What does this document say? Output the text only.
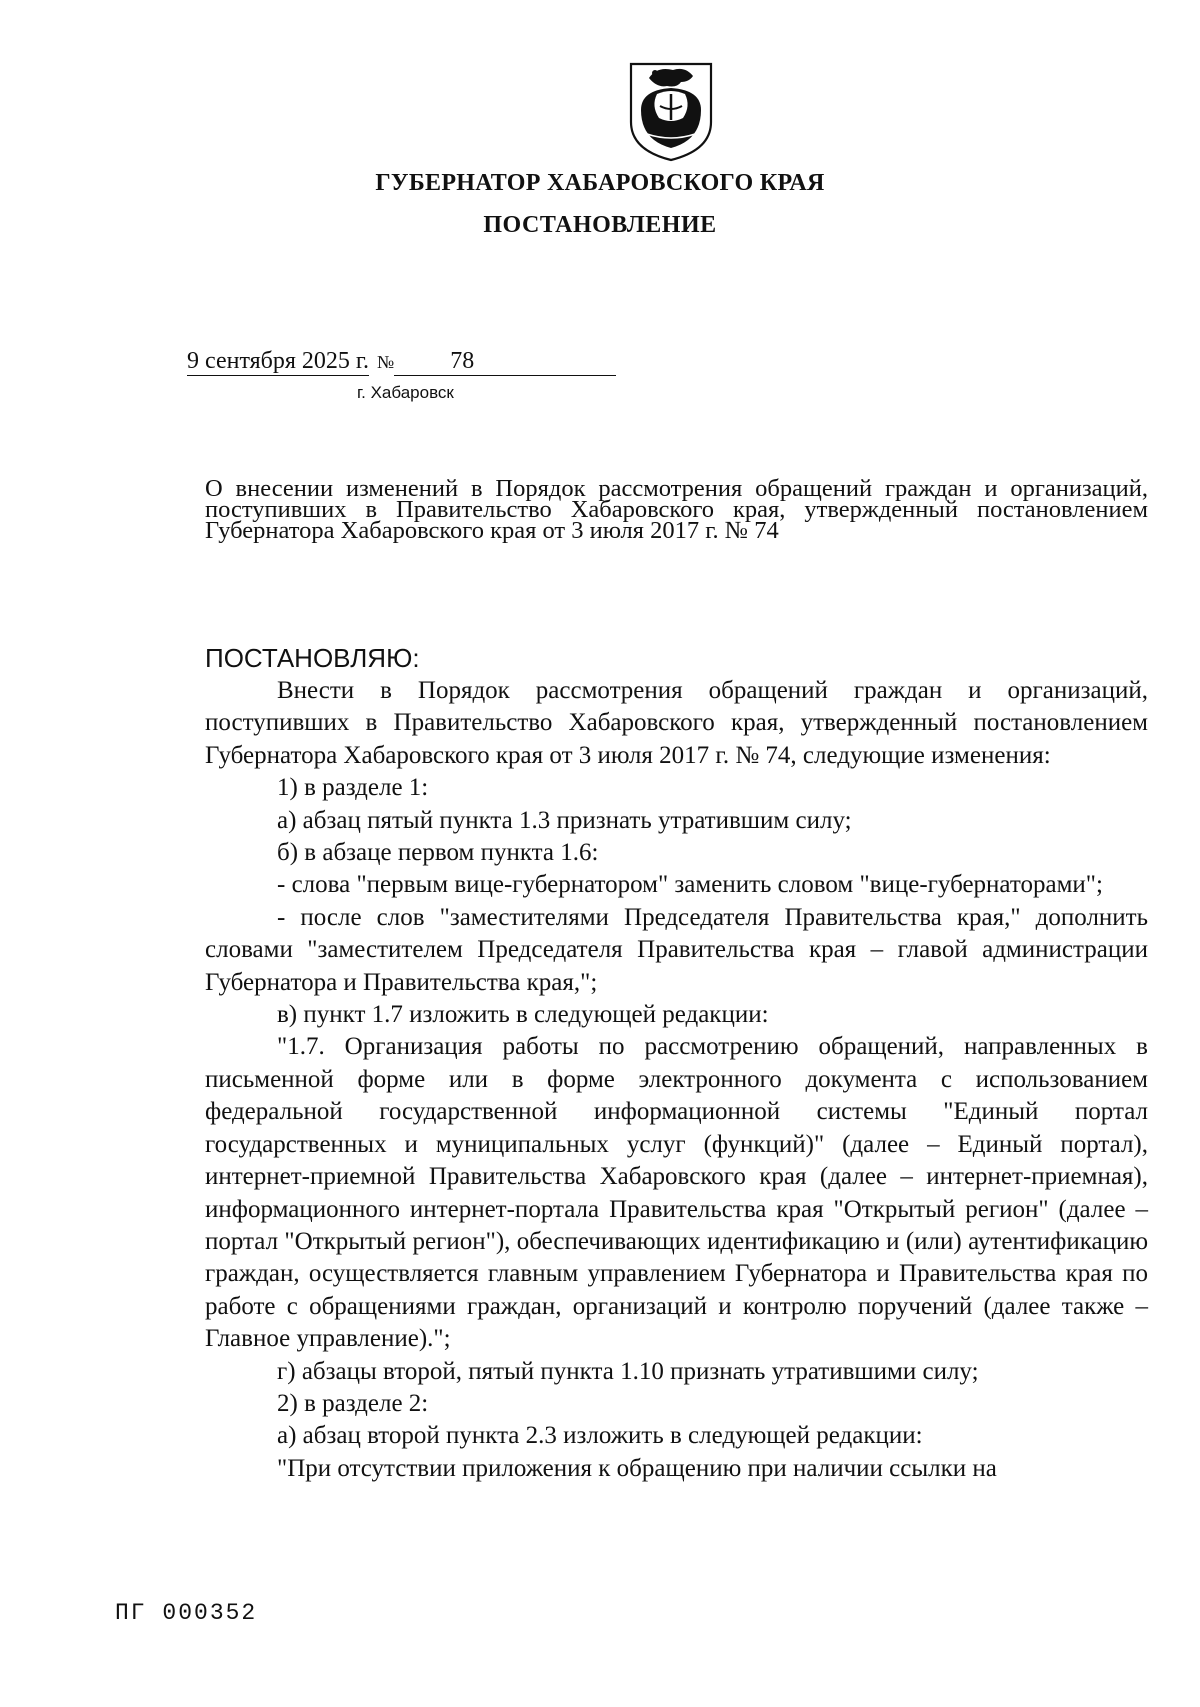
ГУБЕРНАТОР ХАБАРОВСКОГО КРАЯ
ПОСТАНОВЛЕНИЕ
9 сентября 2025 г. № 78
г. Хабаровск
О внесении изменений в Порядок рассмотрения обращений граждан и организаций, поступивших в Правительство Хабаровского края, утвержденный постановлением Губернатора Хабаровского края от 3 июля 2017 г. № 74
ПОСТАНОВЛЯЮ:

Внести в Порядок рассмотрения обращений граждан и организаций, поступивших в Правительство Хабаровского края, утвержденный постановлением Губернатора Хабаровского края от 3 июля 2017 г. № 74, следующие изменения:

1) в разделе 1:

а) абзац пятый пункта 1.3 признать утратившим силу;

б) в абзаце первом пункта 1.6:

- слова "первым вице-губернатором" заменить словом "вице-губернаторами";

- после слов "заместителями Председателя Правительства края," дополнить словами "заместителем Председателя Правительства края – главой администрации Губернатора и Правительства края,";

в) пункт 1.7 изложить в следующей редакции:

"1.7. Организация работы по рассмотрению обращений, направленных в письменной форме или в форме электронного документа с использованием федеральной государственной информационной системы "Единый портал государственных и муниципальных услуг (функций)" (далее – Единый портал), интернет-приемной Правительства Хабаровского края (далее – интернет-приемная), информационного интернет-портала Правительства края "Открытый регион" (далее – портал "Открытый регион"), обеспечивающих идентификацию и (или) аутентификацию граждан, осуществляется главным управлением Губернатора и Правительства края по работе с обращениями граждан, организаций и контролю поручений (далее также – Главное управление).";

г) абзацы второй, пятый пункта 1.10 признать утратившими силу;

2) в разделе 2:

а) абзац второй пункта 2.3 изложить в следующей редакции:

"При отсутствии приложения к обращению при наличии ссылки на

ПГ 000352
